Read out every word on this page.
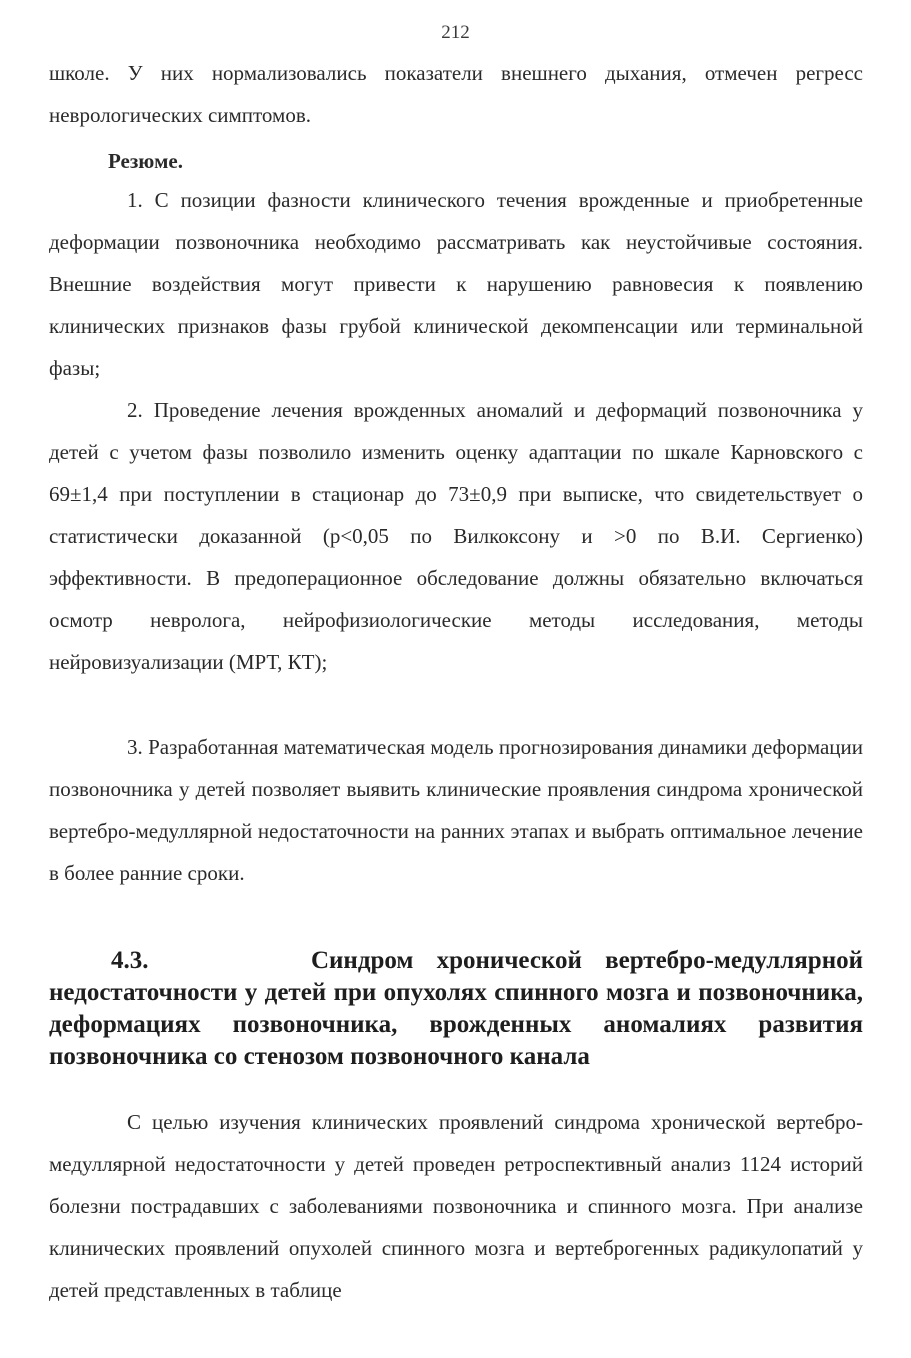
212

школе. У них нормализовались показатели внешнего дыхания, отмечен регресс неврологических симптомов.

Резюме.

1. С позиции фазности клинического течения врожденные и приобретенные деформации позвоночника необходимо рассматривать как неустойчивые состояния. Внешние воздействия могут привести к нарушению равновесия к появлению клинических признаков фазы грубой клинической декомпенсации или терминальной фазы;

2. Проведение лечения врожденных аномалий и деформаций позвоночника у детей с учетом фазы позволило изменить оценку адаптации по шкале Карновского с 69±1,4 при поступлении в стационар до 73±0,9 при выписке, что свидетельствует о статистически доказанной (р<0,05 по Вилкоксону и >0 по В.И. Сергиенко) эффективности. В предоперационное обследование должны обязательно включаться осмотр невролога, нейрофизиологические методы исследования, методы нейровизуализации (МРТ, КТ);

3. Разработанная математическая модель прогнозирования динамики деформации позвоночника у детей позволяет выявить клинические проявления синдрома хронической вертебро-медуллярной недостаточности на ранних этапах и выбрать оптимальное лечение в более ранние сроки.

4.3.	Синдром хронической вертебро-медуллярной недостаточности у детей при опухолях спинного мозга и позвоночника, деформациях позвоночника, врожденных аномалиях развития позвоночника со стенозом позвоночного канала

С целью изучения клинических проявлений синдрома хронической вертебро-медуллярной недостаточности у детей проведен ретроспективный анализ 1124 историй болезни пострадавших с заболеваниями позвоночника и спинного мозга. При анализе клинических проявлений опухолей спинного мозга и вертеброгенных радикулопатий у детей представленных в таблице
